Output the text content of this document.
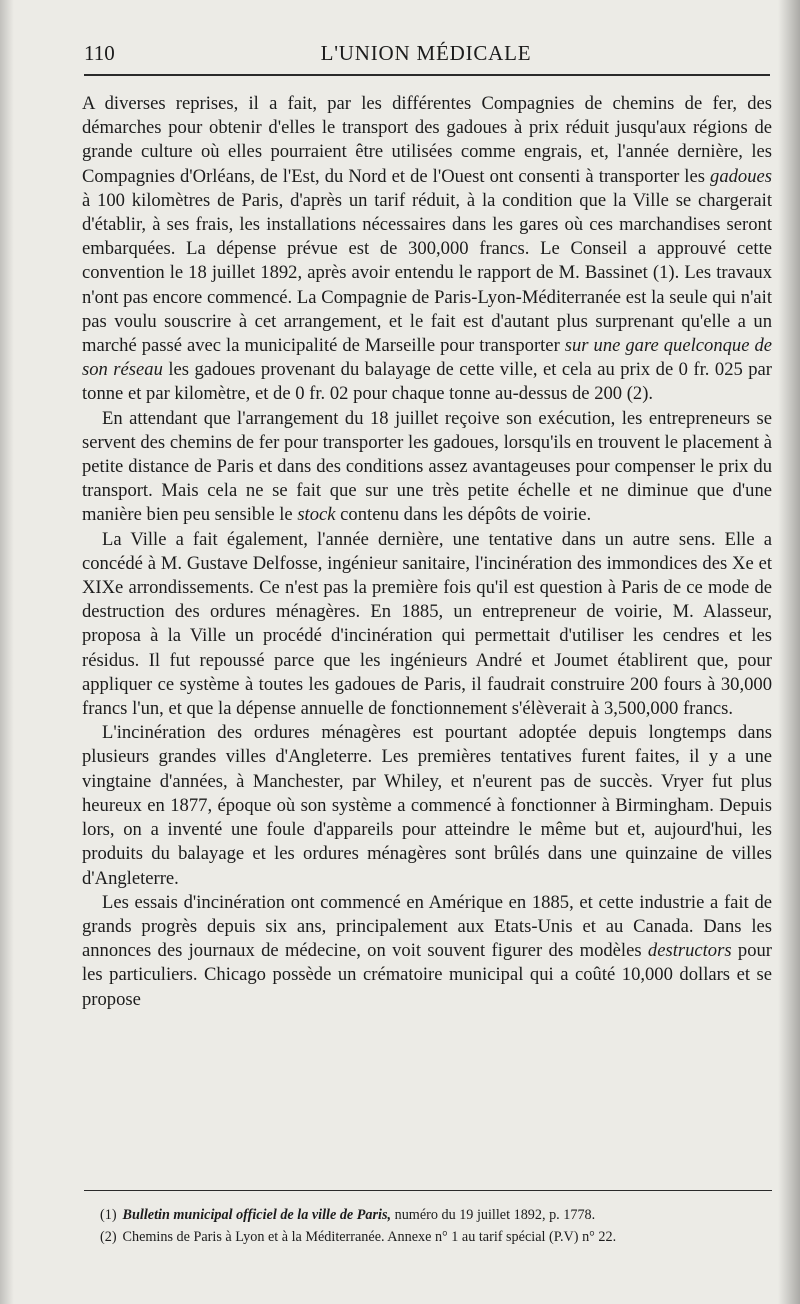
110	L'UNION MÉDICALE

A diverses reprises, il a fait, par les différentes Compagnies de chemins de fer, des démarches pour obtenir d'elles le transport des gadoues à prix réduit jusqu'aux régions de grande culture où elles pourraient être utilisées comme engrais, et, l'année dernière, les Compagnies d'Orléans, de l'Est, du Nord et de l'Ouest ont consenti à transporter les gadoues à 100 kilomètres de Paris, d'après un tarif réduit, à la condition que la Ville se chargerait d'établir, à ses frais, les installations nécessaires dans les gares où ces marchandises seront embarquées. La dépense prévue est de 300,000 francs. Le Conseil a approuvé cette convention le 18 juillet 1892, après avoir entendu le rapport de M. Bassinet (1). Les travaux n'ont pas encore commencé. La Compagnie de Paris-Lyon-Méditerranée est la seule qui n'ait pas voulu souscrire à cet arrangement, et le fait est d'autant plus surprenant qu'elle a un marché passé avec la municipalité de Marseille pour transporter sur une gare quelconque de son réseau les gadoues provenant du balayage de cette ville, et cela au prix de 0 fr. 025 par tonne et par kilomètre, et de 0 fr. 02 pour chaque tonne au-dessus de 200 (2).

En attendant que l'arrangement du 18 juillet reçoive son exécution, les entrepreneurs se servent des chemins de fer pour transporter les gadoues, lorsqu'ils en trouvent le placement à petite distance de Paris et dans des conditions assez avantageuses pour compenser le prix du transport. Mais cela ne se fait que sur une très petite échelle et ne diminue que d'une manière bien peu sensible le stock contenu dans les dépôts de voirie.

La Ville a fait également, l'année dernière, une tentative dans un autre sens. Elle a concédé à M. Gustave Delfosse, ingénieur sanitaire, l'incinération des immondices des Xe et XIXe arrondissements. Ce n'est pas la première fois qu'il est question à Paris de ce mode de destruction des ordures ménagères. En 1885, un entrepreneur de voirie, M. Alasseur, proposa à la Ville un procédé d'incinération qui permettait d'utiliser les cendres et les résidus. Il fut repoussé parce que les ingénieurs André et Joumet établirent que, pour appliquer ce système à toutes les gadoues de Paris, il faudrait construire 200 fours à 30,000 francs l'un, et que la dépense annuelle de fonctionnement s'élèverait à 3,500,000 francs.

L'incinération des ordures ménagères est pourtant adoptée depuis longtemps dans plusieurs grandes villes d'Angleterre. Les premières tentatives furent faites, il y a une vingtaine d'années, à Manchester, par Whiley, et n'eurent pas de succès. Vryer fut plus heureux en 1877, époque où son système a commencé à fonctionner à Birmingham. Depuis lors, on a inventé une foule d'appareils pour atteindre le même but et, aujourd'hui, les produits du balayage et les ordures ménagères sont brûlés dans une quinzaine de villes d'Angleterre.

Les essais d'incinération ont commencé en Amérique en 1885, et cette industrie a fait de grands progrès depuis six ans, principalement aux Etats-Unis et au Canada. Dans les annonces des journaux de médecine, on voit souvent figurer des modèles destructors pour les particuliers. Chicago possède un crématoire municipal qui a coûté 10,000 dollars et se propose

(1) Bulletin municipal officiel de la ville de Paris, numéro du 19 juillet 1892, p. 1778.

(2) Chemins de Paris à Lyon et à la Méditerranée. Annexe n° 1 au tarif spécial (P.V) n° 22.
